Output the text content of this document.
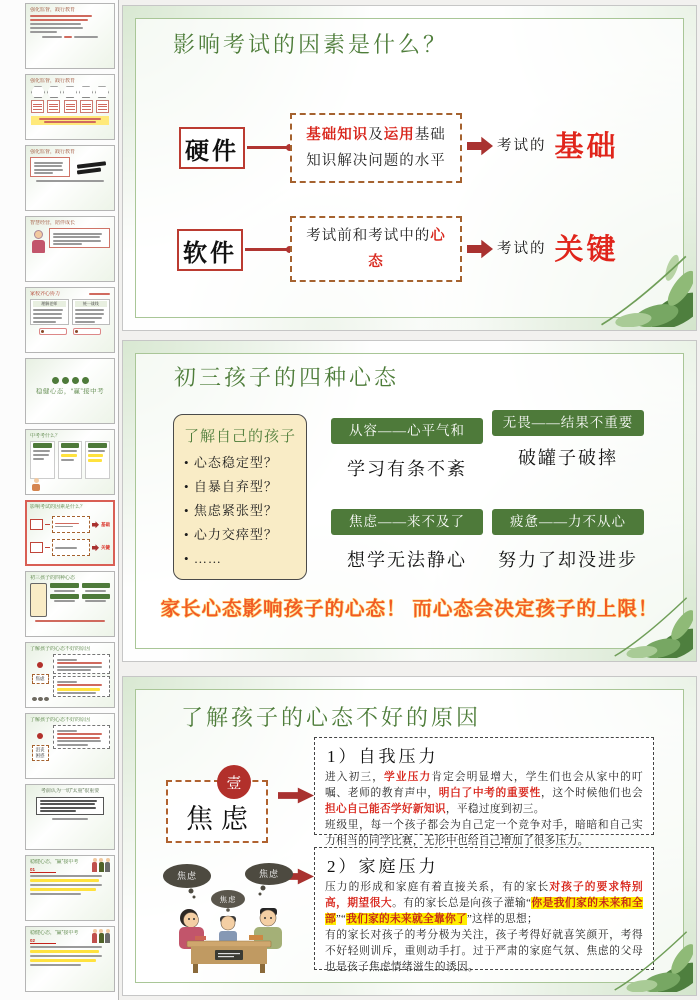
强化监督，践行教育
强化监督，践行教育
强化监督，践行教育
智慧经营，陪伴成长
家校齐心协力
理解老师	统一战线
稳健心态，“赢”接中考
中考考什么？
影响考试的因素是什么？
基础
关键
初三孩子的四种心态
了解孩子的心态不好的原因
焦虑
了解孩子的心态不好的原因
沮丧 困惑
考前认为一切“太重”很重要
稳健心态，“赢”接中考
01
稳健心态，“赢”接中考
02
影响考试的因素是什么？
硬件
基础知识及运用基础知识解决问题的水平
考试的 基础
软件
考试前和考试中的心态
考试的 关键
初三孩子的四种心态
了解自己的孩子
• 心态稳定型？
• 自暴自弃型？
• 焦虑紧张型？
• 心力交瘁型？
• ……
从容——心平气和
学习有条不紊
无畏——结果不重要
破罐子破摔
焦虑——来不及了
想学无法静心
疲惫——力不从心
努力了却没进步
家长心态影响孩子的心态！ 而心态会决定孩子的上限！
了解孩子的心态不好的原因
壹
焦虑
1）自我压力

进入初三，学业压力肯定会明显增大，学生们也会从家中的叮嘱、老师的教育声中，明白了中考的重要性，这个时候他们也会担心自己能否学好新知识，平稳过度到初三。

班级里，每一个孩子都会为自己定一个竞争对手，暗暗和自己实力相当的同学比赛，无形中也给自己增加了很多压力。

2）家庭压力

压力的形成和家庭有着直接关系，有的家长对孩子的要求特别高，期望很大。有的家长总是向孩子灌输“你是我们家的未来和全部”“我们家的未来就全靠你了”这样的思想；

有的家长对孩子的考分极为关注，孩子考得好就喜笑颜开，考得不好轻则训斥，重则动手打。过于严肃的家庭气氛、焦虑的父母也是孩子焦虑情绪滋生的诱因。

焦虑	焦虑
焦虑
